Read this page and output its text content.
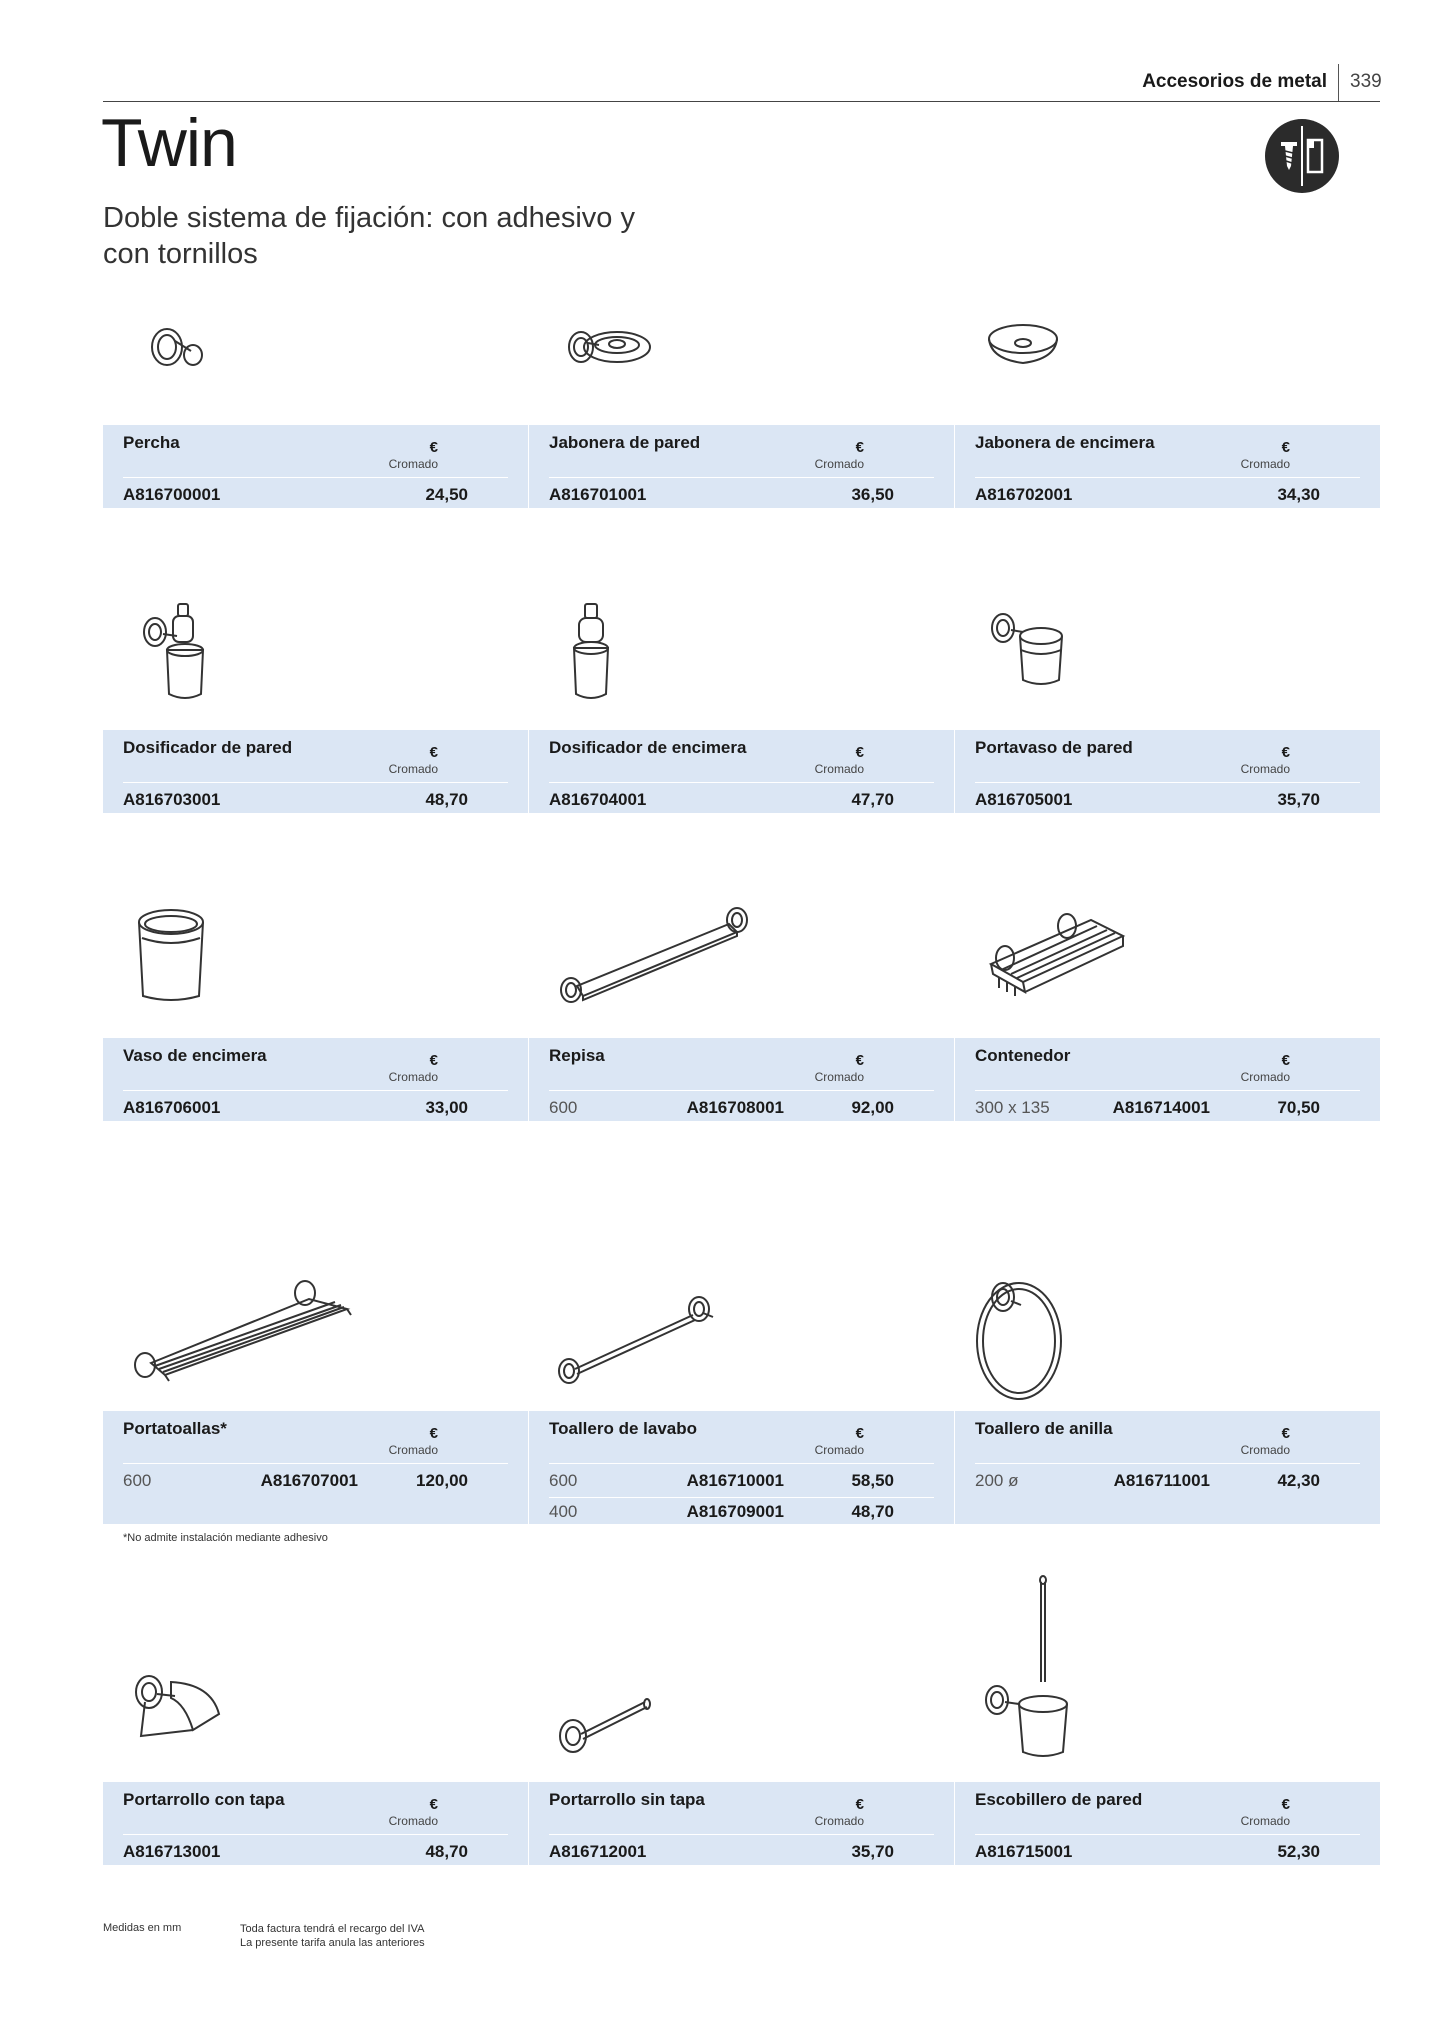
Accesorios de metal 339
Twin
Doble sistema de fijación: con adhesivo y con tornillos
Percha	€
Cromado
A816700001	24,50
Jabonera de pared	€
Cromado
A816701001	36,50
Jabonera de encimera	€
Cromado
A816702001	34,30
Dosificador de pared	€
Cromado
A816703001	48,70
Dosificador de encimera	€
Cromado
A816704001	47,70
Portavaso de pared	€
Cromado
A816705001	35,70
Vaso de encimera	€
Cromado
A816706001	33,00
Repisa	€
Cromado
600	A816708001	92,00
Contenedor	€
Cromado
300 x 135	A816714001	70,50
Portatoallas*	€
Cromado
600	A816707001	120,00
Toallero de lavabo	€
Cromado
600	A816710001	58,50
400	A816709001	48,70
Toallero de anilla	€
Cromado
200 ø	A816711001	42,30
Portarrollo con tapa	€
Cromado
A816713001	48,70
Portarrollo sin tapa	€
Cromado
A816712001	35,70
Escobillero de pared	€
Cromado
A816715001	52,30
*No admite instalación mediante adhesivo
Medidas en mm	Toda factura tendrá el recargo del IVA
La presente tarifa anula las anteriores
